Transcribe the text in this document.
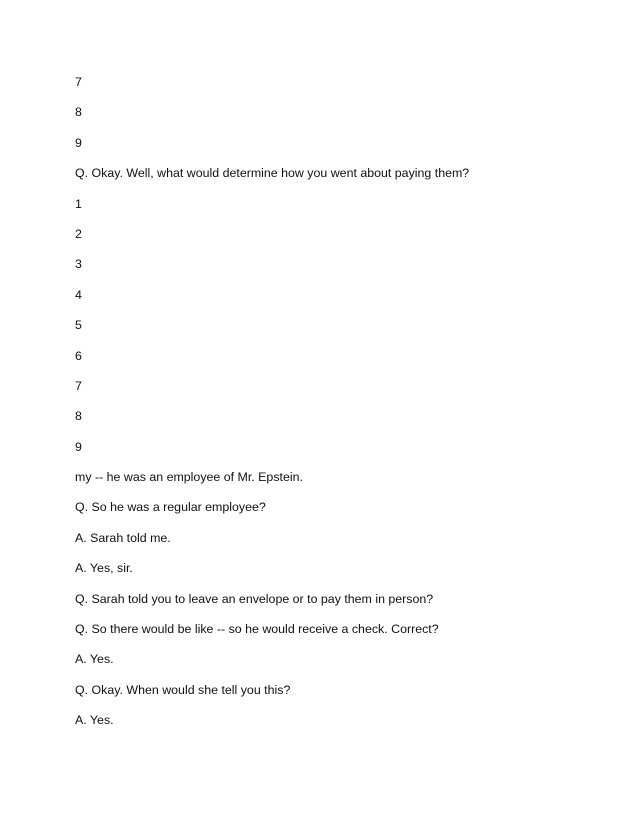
7
8
9
Q. Okay. Well, what would determine how you went about paying them?
1
2
3
4
5
6
7
8
9
my -- he was an employee of Mr. Epstein.
Q. So he was a regular employee?
A. Sarah told me.
A. Yes, sir.
Q. Sarah told you to leave an envelope or to pay them in person?
Q. So there would be like -- so he would receive a check. Correct?
A. Yes.
Q. Okay. When would she tell you this?
A. Yes.
